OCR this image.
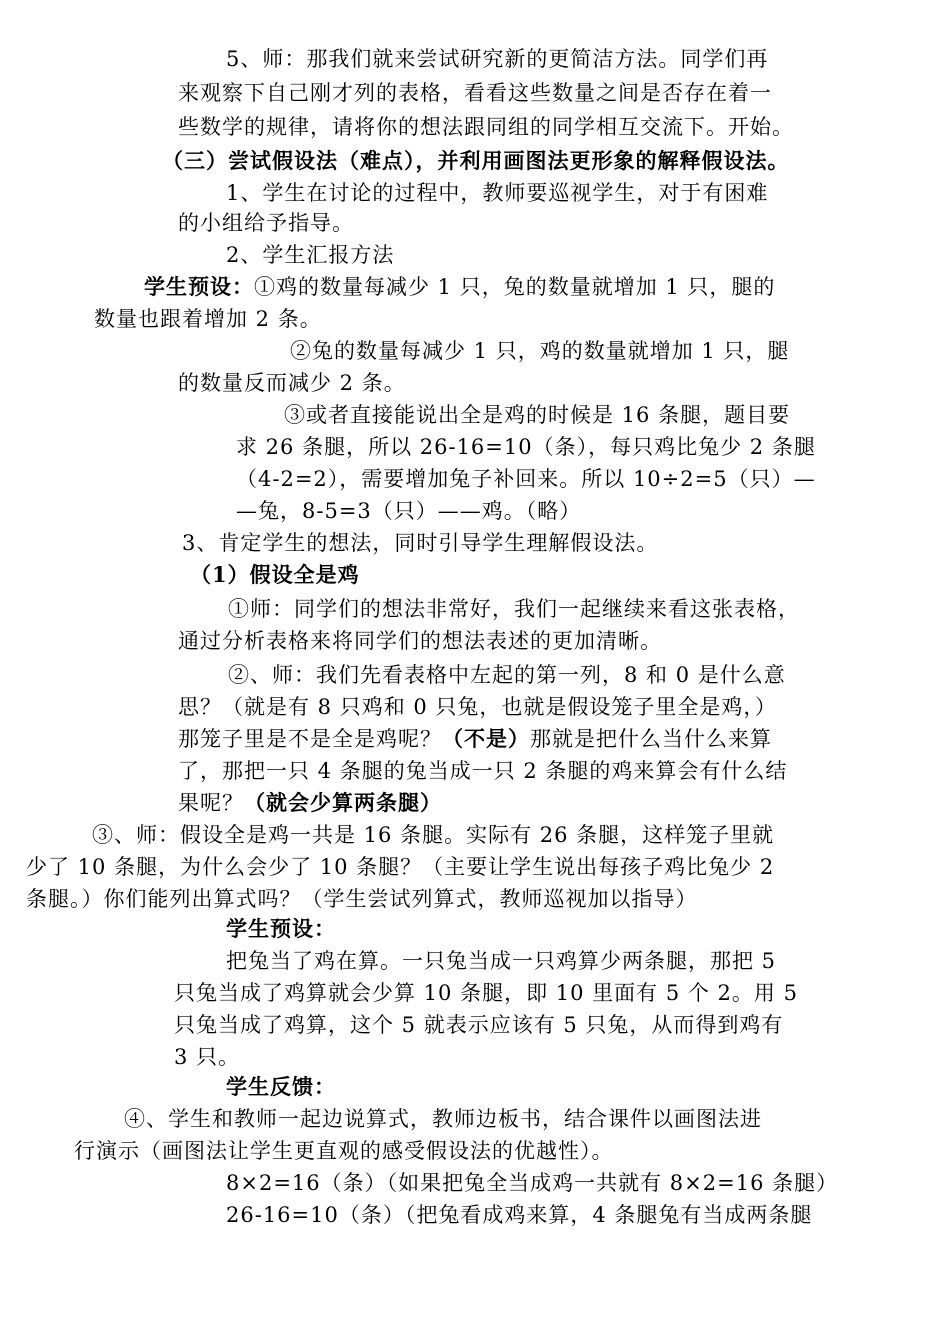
5、师：那我们就来尝试研究新的更简洁方法。同学们再
来观察下自己刚才列的表格，看看这些数量之间是否存在着一
些数学的规律，请将你的想法跟同组的同学相互交流下。开始。
（三）尝试假设法（难点），并利用画图法更形象的解释假设法。
1、学生在讨论的过程中，教师要巡视学生，对于有困难
的小组给予指导。
2、学生汇报方法
学生预设：①鸡的数量每减少 1 只，兔的数量就增加 1 只，腿的
数量也跟着增加 2 条。
②兔的数量每减少 1 只，鸡的数量就增加 1 只，腿
的数量反而减少 2 条。
③或者直接能说出全是鸡的时候是 16 条腿，题目要
求 26 条腿，所以 26-16=10（条），每只鸡比兔少 2 条腿
（4-2=2），需要增加兔子补回来。所以 10÷2=5（只）—
—兔，8-5=3（只）——鸡。（略）
3、肯定学生的想法，同时引导学生理解假设法。
（1）假设全是鸡
①师：同学们的想法非常好，我们一起继续来看这张表格，
通过分析表格来将同学们的想法表述的更加清晰。
②、师：我们先看表格中左起的第一列，8 和 0 是什么意
思？（就是有 8 只鸡和 0 只兔，也就是假设笼子里全是鸡，）
那笼子里是不是全是鸡呢？（不是）那就是把什么当什么来算
了，那把一只 4 条腿的兔当成一只 2 条腿的鸡来算会有什么结
果呢？（就会少算两条腿）
③、师：假设全是鸡一共是 16 条腿。实际有 26 条腿，这样笼子里就
少了 10 条腿，为什么会少了 10 条腿？（主要让学生说出每孩子鸡比兔少 2
条腿。）你们能列出算式吗？（学生尝试列算式，教师巡视加以指导）
学生预设：
把兔当了鸡在算。一只兔当成一只鸡算少两条腿，那把 5
只兔当成了鸡算就会少算 10 条腿，即 10 里面有 5 个 2。用 5
只兔当成了鸡算，这个 5 就表示应该有 5 只兔，从而得到鸡有
3 只。
学生反馈：
④、学生和教师一起边说算式，教师边板书，结合课件以画图法进
行演示（画图法让学生更直观的感受假设法的优越性）。
8×2=16（条）（如果把兔全当成鸡一共就有 8×2=16 条腿）
26-16=10（条）（把兔看成鸡来算，4 条腿兔有当成两条腿
